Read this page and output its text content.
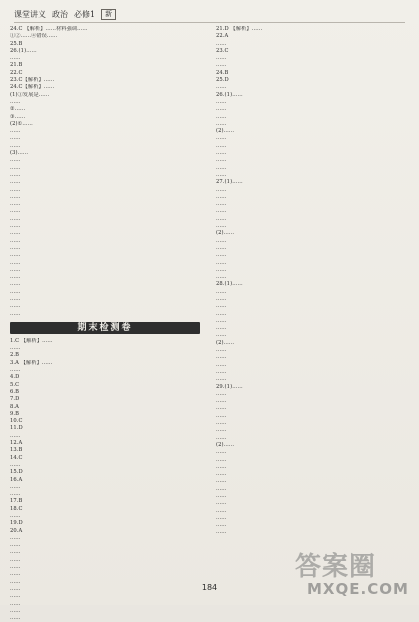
课堂讲义 政治 必修1	新
24.C 【解析】......材料强调......
①②......④错误......
25.B
26.(1)......
......
21.B
22.C
23.C【解析】......
24.C【解析】......
(1)①发展是......
......
②......
③......
(2)①......
......
......
......
(3)......
......
......
......
......
......
......
......
......
......
......
......
......
......
......
......
......
......
......
......
......
......
......
期末检测卷
1.C 【解析】......
......
2.B
3.A 【解析】......
......
4.D
5.C
6.B
7.D
8.A
9.B
10.C
11.D
......
12.A
13.B
14.C
......
15.D
16.A
......
......
17.B
18.C
......
19.D
20.A
......
......
......
......
......
......
......
......
......
......
......
......
21.D 【解析】......
22.A
......
23.C
......
......
24.B
25.D
......
26.(1)......
......
......
......
......
(2)......
......
......
......
......
......
......
27.(1)......
......
......
......
......
......
......
(2)......
......
......
......
......
......
......
28.(1)......
......
......
......
......
......
......
......
(2)......
......
......
......
......
......
29.(1)......
......
......
......
......
......
......
......
(2)......
......
......
......
......
......
......
......
......
......
......
......
......
184
答案圈
MXQE.COM
